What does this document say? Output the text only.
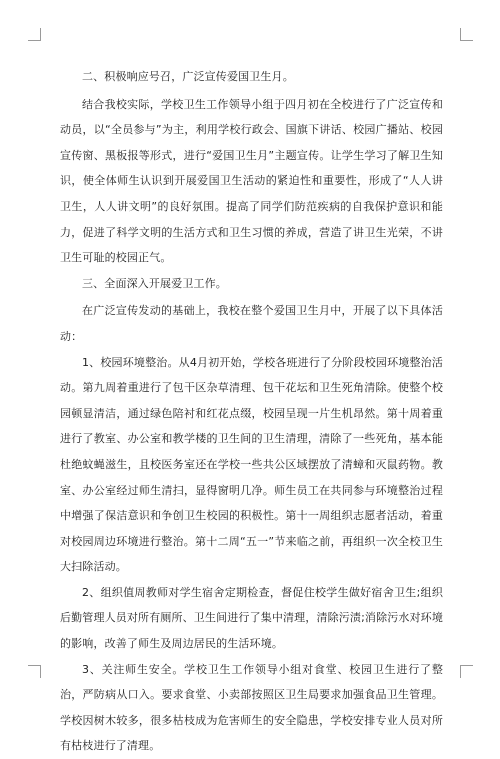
二、积极响应号召，广泛宣传爱国卫生月。

结合我校实际，学校卫生工作领导小组于四月初在全校进行了广泛宣传和动员，以“全员参与”为主，利用学校行政会、国旗下讲话、校园广播站、校园宣传窗、黑板报等形式，进行“爱国卫生月”主题宣传。让学生学习了解卫生知识，使全体师生认识到开展爱国卫生活动的紧迫性和重要性，形成了“人人讲卫生，人人讲文明”的良好氛围。提高了同学们防范疾病的自我保护意识和能力，促进了科学文明的生活方式和卫生习惯的养成，营造了讲卫生光荣，不讲卫生可耻的校园正气。

三、全面深入开展爱卫工作。

在广泛宣传发动的基础上，我校在整个爱国卫生月中，开展了以下具体活动：

1、校园环境整治。从4月初开始，学校各班进行了分阶段校园环境整治活动。第九周着重进行了包干区杂草清理、包干花坛和卫生死角清除。使整个校园顿显清洁，通过绿色陪衬和红花点缀，校园呈现一片生机昂然。第十周着重进行了教室、办公室和教学楼的卫生间的卫生清理，清除了一些死角，基本能杜绝蚊蝇滋生，且校医务室还在学校一些共公区域摆放了清蟑和灭鼠药物。教室、办公室经过师生清扫，显得窗明几净。师生员工在共同参与环境整治过程中增强了保洁意识和争创卫生校园的积极性。第十一周组织志愿者活动，着重对校园周边环境进行整治。第十二周“五一”节来临之前，再组织一次全校卫生大扫除活动。

2、组织值周教师对学生宿舍定期检查，督促住校学生做好宿舍卫生;组织后勤管理人员对所有厕所、卫生间进行了集中清理，清除污渍;消除污水对环境的影响，改善了师生及周边居民的生活环境。

3、关注师生安全。学校卫生工作领导小组对食堂、校园卫生进行了整治，严防病从口入。要求食堂、小卖部按照区卫生局要求加强食品卫生管理。学校因树木较多，很多枯枝成为危害师生的安全隐患，学校安排专业人员对所有枯枝进行了清理。
